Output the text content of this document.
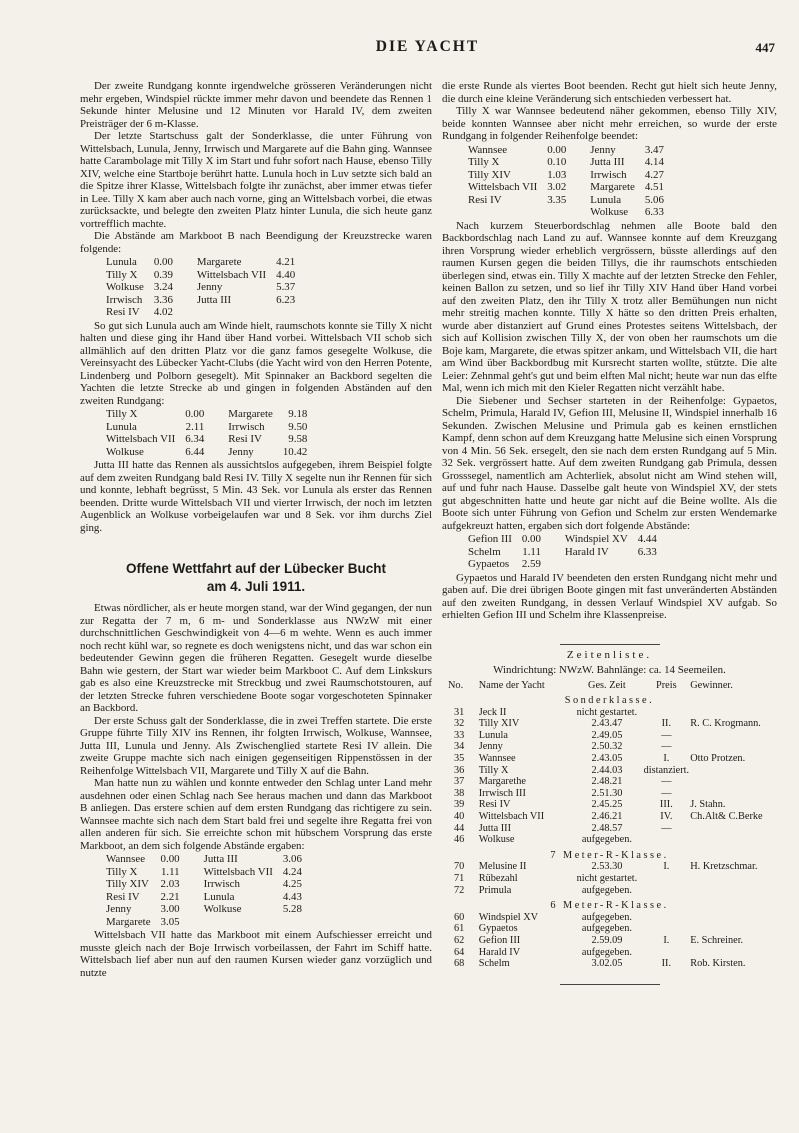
DIE YACHT	447

Der zweite Rundgang konnte irgendwelche grösseren Veränderungen nicht mehr ergeben, Windspiel rückte immer mehr davon und beendete das Rennen 1 Sekunde hinter Melusine und 12 Minuten vor Harald IV, dem zweiten Preisträger der 6 m-Klasse.

Der letzte Startschuss galt der Sonderklasse, die unter Führung von Wittelsbach, Lunula, Jenny, Irrwisch und Margarete auf die Bahn ging. Wannsee hatte Carambolage mit Tilly X im Start und fuhr sofort nach Hause, ebenso Tilly XIV, welche eine Startboje berührt hatte. Lunula hoch in Luv setzte sich bald an die Spitze ihrer Klasse, Wittelsbach folgte ihr zunächst, aber immer etwas tiefer in Lee. Tilly X kam aber auch nach vorne, ging an Wittelsbach vorbei, die etwas zurücksackte, und belegte den zweiten Platz hinter Lunula, die sich heute ganz vortrefflich machte.

Die Abstände am Markboot B nach Beendigung der Kreuzstrecke waren folgende:

Lunula	0.00	Margarete	4.21
Tilly X	0.39	Wittelsbach VII	4.40
Wolkuse	3.24	Jenny	5.37
Irrwisch	3.36	Jutta III	6.23
Resi IV	4.02		

So gut sich Lunula auch am Winde hielt, raumschots konnte sie Tilly X nicht halten und diese ging ihr Hand über Hand vorbei. Wittelsbach VII schob sich allmählich auf den dritten Platz vor die ganz famos gesegelte Wolkuse, die Vereinsyacht des Lübecker Yacht-Clubs (die Yacht wird von den Herren Potente, Lindenberg und Polborn gesegelt). Mit Spinnaker an Backbord segelten die Yachten die letzte Strecke ab und gingen in folgenden Abständen auf den zweiten Rundgang:

Tilly X	0.00	Margarete	9.18
Lunula	2.11	Irrwisch	9.50
Wittelsbach VII	6.34	Resi IV	9.58
Wolkuse	6.44	Jenny	10.42

Jutta III hatte das Rennen als aussichtslos aufgegeben, ihrem Beispiel folgte auf dem zweiten Rundgang bald Resi IV. Tilly X segelte nun ihr Rennen für sich und konnte, lebhaft begrüsst, 5 Min. 43 Sek. vor Lunula als erster das Rennen beenden. Dritte wurde Wittelsbach VII und vierter Irrwisch, der noch im letzten Augenblick an Wolkuse vorbeigelaufen war und 8 Sek. vor ihm durchs Ziel ging.

Offene Wettfahrt auf der Lübecker Bucht
am 4. Juli 1911.

Etwas nördlicher, als er heute morgen stand, war der Wind gegangen, der nun zur Regatta der 7 m, 6 m- und Sonderklasse aus NWzW mit einer durchschnittlichen Geschwindigkeit von 4—6 m wehte. Wenn es auch immer noch recht kühl war, so regnete es doch wenigstens nicht, und das war schon ein bedeutender Gewinn gegen die früheren Regatten. Gesegelt wurde dieselbe Bahn wie gestern, der Start war wieder beim Markboot C. Auf dem Linkskurs gab es also eine Kreuzstrecke mit Streckbug und zwei Raumschotstouren, auf der letzten Strecke fuhren verschiedene Boote sogar vorgeschoteten Spinnaker an Backbord.

Der erste Schuss galt der Sonderklasse, die in zwei Treffen startete. Die erste Gruppe führte Tilly XIV ins Rennen, ihr folgten Irrwisch, Wolkuse, Wannsee, Jutta III, Lunula und Jenny. Als Zwischenglied startete Resi IV allein. Die zweite Gruppe machte sich nach einigen gegenseitigen Rippenstössen in der Reihenfolge Wittelsbach VII, Margarete und Tilly X auf die Bahn.

Man hatte nun zu wählen und konnte entweder den Schlag unter Land mehr ausdehnen oder einen Schlag nach See heraus machen und dann das Markboot B anliegen. Das erstere schien auf dem ersten Rundgang das richtigere zu sein. Wannsee machte sich nach dem Start bald frei und segelte ihre Regatta frei von allen anderen für sich. Sie erreichte schon mit hübschem Vorsprung das erste Markboot, an dem sich folgende Abstände ergaben:

Wannsee	0.00	Jutta III	3.06
Tilly X	1.11	Wittelsbach VII	4.24
Tilly XIV	2.03	Irrwisch	4.25
Resi IV	2.21	Lunula	4.43
Jenny	3.00	Wolkuse	5.28
Margarete	3.05		

Wittelsbach VII hatte das Markboot mit einem Aufschiesser erreicht und musste gleich nach der Boje Irrwisch vorbeilassen, der Fahrt im Schiff hatte. Wittelsbach lief aber nun auf den raumen Kursen wieder ganz vorzüglich und nutzte

die erste Runde als viertes Boot beenden. Recht gut hielt sich heute Jenny, die durch eine kleine Veränderung sich entschieden verbessert hat.

Tilly X war Wannsee bedeutend näher gekommen, ebenso Tilly XIV, beide konnten Wannsee aber nicht mehr erreichen, so wurde der erste Rundgang in folgender Reihenfolge beendet:

Wannsee	0.00	Jenny	3.47
Tilly X	0.10	Jutta III	4.14
Tilly XIV	1.03	Irrwisch	4.27
Wittelsbach VII	3.02	Margarete	4.51
Resi IV	3.35	Lunula	5.06
		Wolkuse	6.33

Nach kurzem Steuerbordschlag nehmen alle Boote bald den Backbordschlag nach Land zu auf. Wannsee konnte auf dem Kreuzgang ihren Vorsprung wieder erheblich vergrössern, büsste allerdings auf den raumen Kursen gegen die beiden Tillys, die ihr raumschots entschieden überlegen sind, etwas ein. Tilly X machte auf der letzten Strecke den Fehler, keinen Ballon zu setzen, und so lief ihr Tilly XIV Hand über Hand vorbei auf den zweiten Platz, den ihr Tilly X trotz aller Bemühungen nun nicht mehr streitig machen konnte. Tilly X hätte so den dritten Preis erhalten, wurde aber distanziert auf Grund eines Protestes seitens Wittelsbach, der sich auf Kollision zwischen Tilly X, der von oben her raumschots um die Boje kam, Margarete, die etwas spitzer ankam, und Wittelsbach VII, die hart am Wind über Backbordbug mit Kursrecht starten wollte, stützte. Die alte Leier: Zehnmal geht's gut und beim elften Mal nicht; heute war nun das elfte Mal, wenn ich mich mit den Kieler Regatten nicht verzählt habe.

Die Siebener und Sechser starteten in der Reihenfolge: Gypaetos, Schelm, Primula, Harald IV, Gefion III, Melusine II, Windspiel innerhalb 16 Sekunden. Zwischen Melusine und Primula gab es keinen ernstlichen Kampf, denn schon auf dem Kreuzgang hatte Melusine sich einen Vorsprung von 4 Min. 56 Sek. ersegelt, den sie nach dem ersten Rundgang auf 5 Min. 32 Sek. vergrössert hatte. Auf dem zweiten Rundgang gab Primula, dessen Grosssegel, namentlich am Achterliek, absolut nicht am Wind stehen will, auf und fuhr nach Hause. Dasselbe galt heute von Windspiel XV, der stets gut abgeschnitten hatte und heute gar nicht auf die Beine wollte. Als die Boote sich unter Führung von Gefion und Schelm zur ersten Wendemarke aufgekreuzt hatten, ergaben sich dort folgende Abstände:

Gefion III	0.00	Windspiel XV	4.44
Schelm	1.11	Harald IV	6.33
Gypaetos	2.59		

Gypaetos und Harald IV beendeten den ersten Rundgang nicht mehr und gaben auf. Die drei übrigen Boote gingen mit fast unveränderten Abständen auf den zweiten Rundgang, in dessen Verlauf Windspiel XV aufgab. So erhielten Gefion III und Schelm ihre Klassenpreise.

Zeitenliste.
Windrichtung: NWzW. Bahnlänge: ca. 14 Seemeilen.
No.	Name der Yacht	Ges. Zeit	Preis	Gewinner.
Sonderklasse.				
31	Jeck II	nicht gestartet.		
32	Tilly XIV	2.43.47	II.	R. C. Krogmann.
33	Lunula	2.49.05	—	
34	Jenny	2.50.32	—	
35	Wannsee	2.43.05	I.	Otto Protzen.
36	Tilly X	2.44.03	distanziert.	
37	Margarethe	2.48.21	—	
38	Irrwisch III	2.51.30	—	
39	Resi IV	2.45.25	III.	J. Stahn.
40	Wittelsbach VII	2.46.21	IV.	Ch.Alt& C.Berke
44	Jutta III	2.48.57	—	
46	Wolkuse	aufgegeben.		
7 Meter-R-Klasse.				
70	Melusine II	2.53.30	I.	H. Kretzschmar.
71	Rübezahl	nicht gestartet.		
72	Primula	aufgegeben.		
6 Meter-R-Klasse.				
60	Windspiel XV	aufgegeben.		
61	Gypaetos	aufgegeben.		
62	Gefion III	2.59.09	I.	E. Schreiner.
64	Harald IV	aufgegeben.		
68	Schelm	3.02.05	II.	Rob. Kirsten.
